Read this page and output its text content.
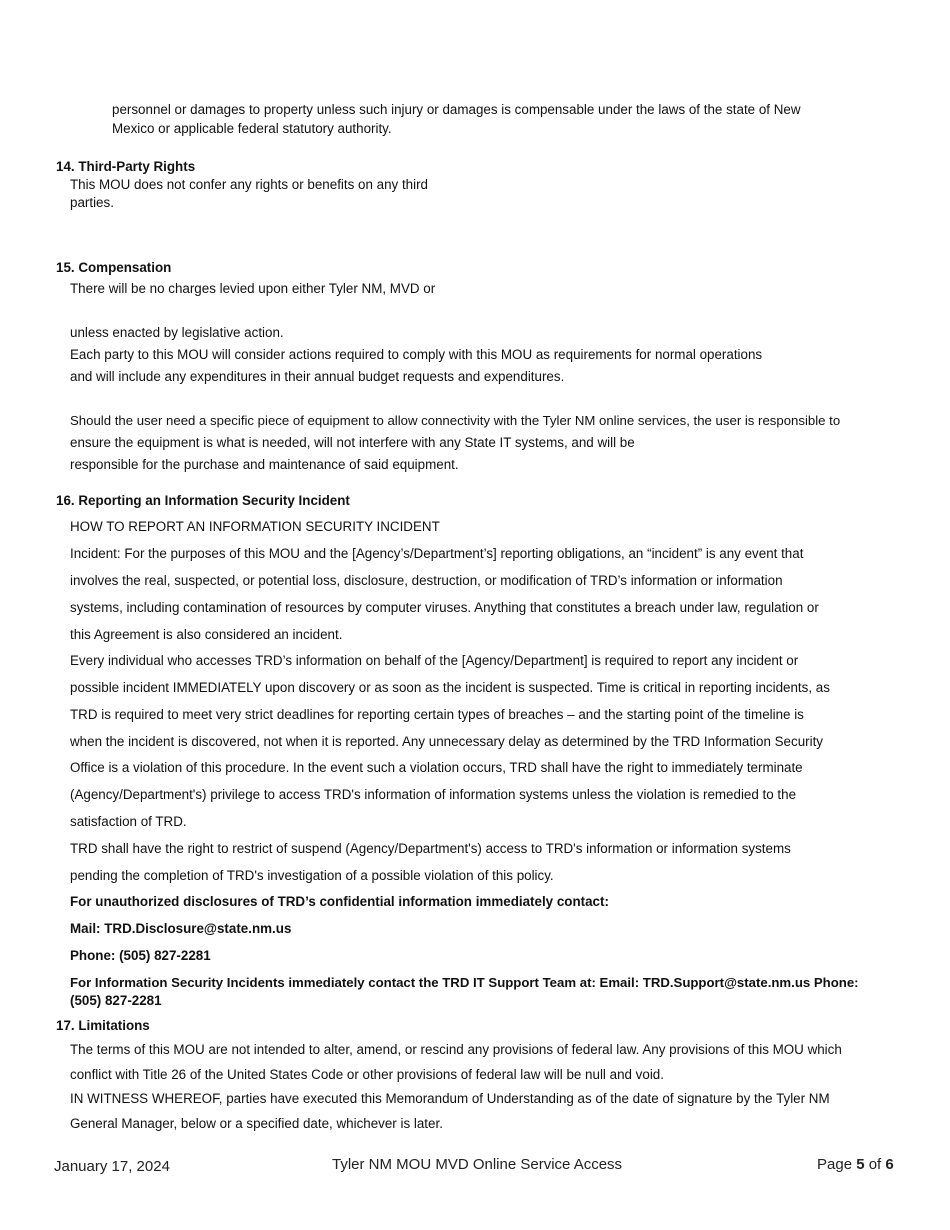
personnel or damages to property unless such injury or damages is compensable under the laws of the state of New
Mexico or applicable federal statutory authority.
14. Third-Party Rights
This MOU does not confer any rights or benefits on any third
parties.
15. Compensation
There will be no charges levied upon either Tyler NM, MVD or
unless enacted by legislative action.
Each party to this MOU will consider actions required to comply with this MOU as requirements for normal operations
and will include any expenditures in their annual budget requests and expenditures.
Should the user need a specific piece of equipment to allow connectivity with the Tyler NM online services, the user is responsible to
ensure the equipment is what is needed, will not interfere with any State IT systems, and will be
responsible for the purchase and maintenance of said equipment.
16. Reporting an Information Security Incident
HOW TO REPORT AN INFORMATION SECURITY INCIDENT
Incident: For the purposes of this MOU and the [Agency’s/Department’s] reporting obligations, an “incident” is any event that
involves the real, suspected, or potential loss, disclosure, destruction, or modification of TRD’s information or information
systems, including contamination of resources by computer viruses. Anything that constitutes a breach under law, regulation or
this Agreement is also considered an incident.
Every individual who accesses TRD’s information on behalf of the [Agency/Department] is required to report any incident or
possible incident IMMEDIATELY upon discovery or as soon as the incident is suspected. Time is critical in reporting incidents, as
TRD is required to meet very strict deadlines for reporting certain types of breaches – and the starting point of the timeline is
when the incident is discovered, not when it is reported. Any unnecessary delay as determined by the TRD Information Security
Office is a violation of this procedure. In the event such a violation occurs, TRD shall have the right to immediately terminate
(Agency/Department's) privilege to access TRD's information of information systems unless the violation is remedied to the
satisfaction of TRD.
TRD shall have the right to restrict of suspend (Agency/Department's) access to TRD's information or information systems
pending the completion of TRD's investigation of a possible violation of this policy.
For unauthorized disclosures of TRD’s confidential information immediately contact:
Mail: TRD.Disclosure@state.nm.us
Phone: (505) 827-2281
For Information Security Incidents immediately contact the TRD IT Support Team at: Email: TRD.Support@state.nm.us Phone:
(505) 827-2281
17. Limitations
The terms of this MOU are not intended to alter, amend, or rescind any provisions of federal law. Any provisions of this MOU which
conflict with Title 26 of the United States Code or other provisions of federal law will be null and void.
IN WITNESS WHEREOF, parties have executed this Memorandum of Understanding as of the date of signature by the Tyler NM
General Manager, below or a specified date, whichever is later.
January 17, 2024	Tyler NM MOU MVD Online Service Access	Page 5 of 6
